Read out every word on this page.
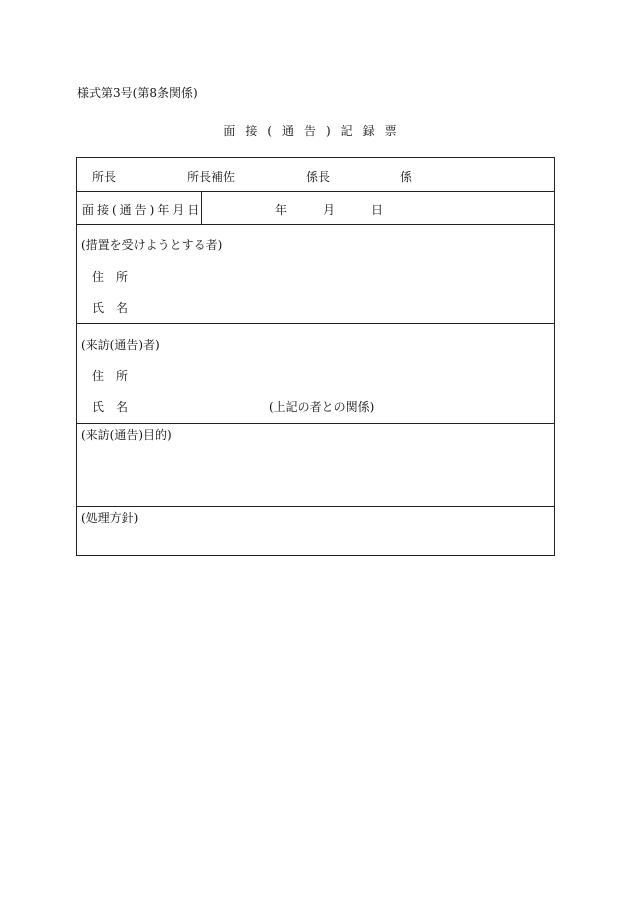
様式第3号(第8条関係)
面接(通告)記録票
所長	所長補佐	係長	係
面接(通告)年月日	年	月	日
(措置を受けようとする者)
住所
氏名
(来訪(通告)者)
住所
氏名	(上記の者との関係)
(来訪(通告)目的)
(処理方針)
